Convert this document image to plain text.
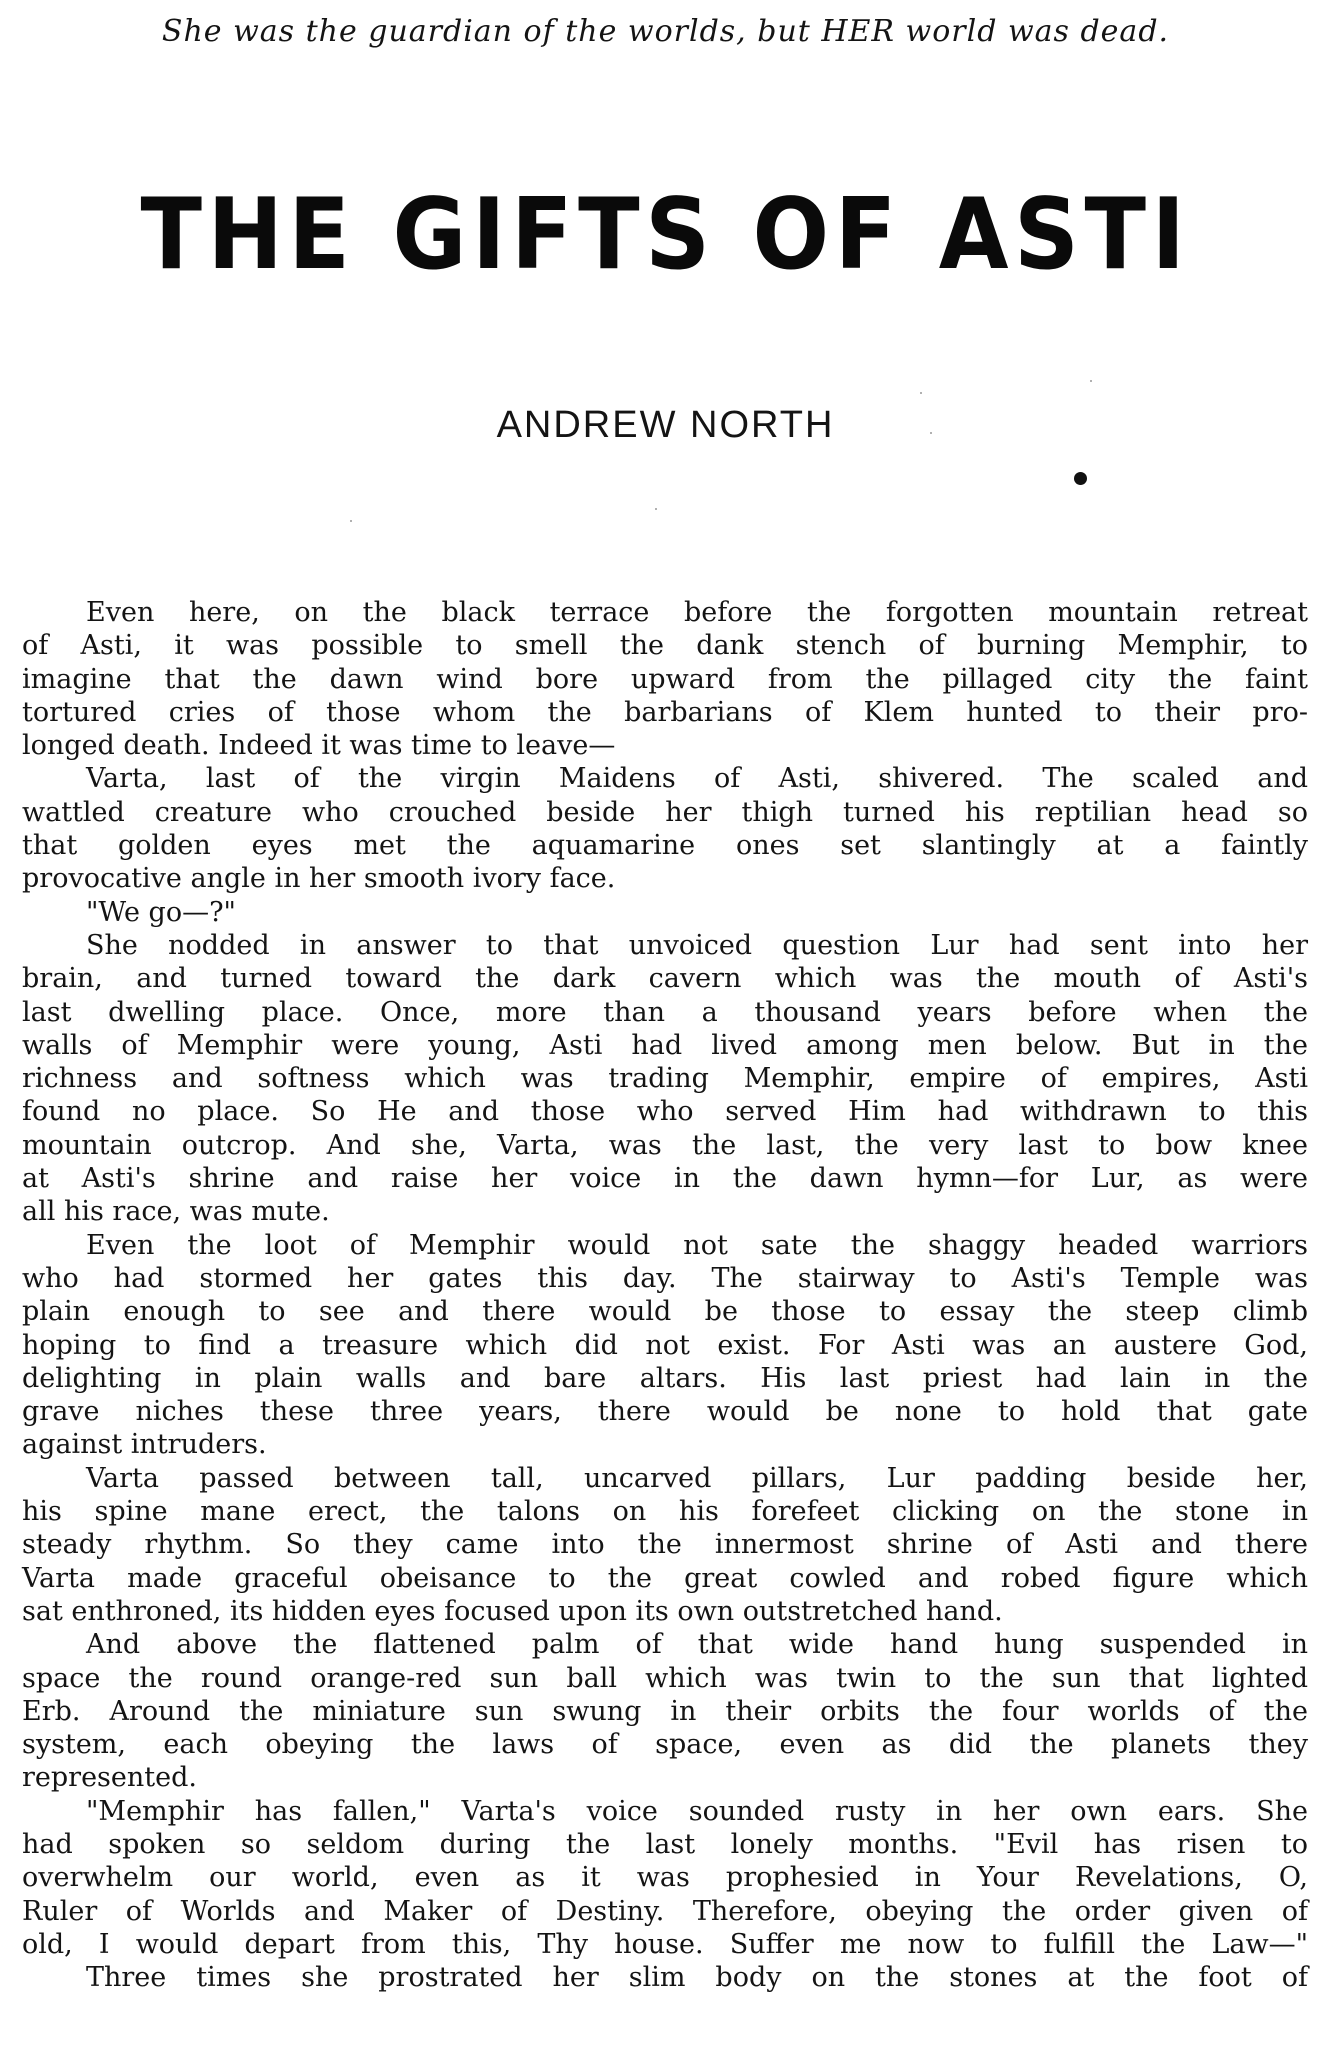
She was the guardian of the worlds, but HER world was dead.

THE GIFTS OF ASTI

ANDREW NORTH

Even here, on the black terrace before the forgotten mountain retreat
of Asti, it was possible to smell the dank stench of burning Memphir, to
imagine that the dawn wind bore upward from the pillaged city the faint
tortured cries of those whom the barbarians of Klem hunted to their pro-
longed death. Indeed it was time to leave—
Varta, last of the virgin Maidens of Asti, shivered. The scaled and
wattled creature who crouched beside her thigh turned his reptilian head so
that golden eyes met the aquamarine ones set slantingly at a faintly
provocative angle in her smooth ivory face.
"We go—?"
She nodded in answer to that unvoiced question Lur had sent into her
brain, and turned toward the dark cavern which was the mouth of Asti's
last dwelling place. Once, more than a thousand years before when the
walls of Memphir were young, Asti had lived among men below. But in the
richness and softness which was trading Memphir, empire of empires, Asti
found no place. So He and those who served Him had withdrawn to this
mountain outcrop. And she, Varta, was the last, the very last to bow knee
at Asti's shrine and raise her voice in the dawn hymn—for Lur, as were
all his race, was mute.
Even the loot of Memphir would not sate the shaggy headed warriors
who had stormed her gates this day. The stairway to Asti's Temple was
plain enough to see and there would be those to essay the steep climb
hoping to find a treasure which did not exist. For Asti was an austere God,
delighting in plain walls and bare altars. His last priest had lain in the
grave niches these three years, there would be none to hold that gate
against intruders.
Varta passed between tall, uncarved pillars, Lur padding beside her,
his spine mane erect, the talons on his forefeet clicking on the stone in
steady rhythm. So they came into the innermost shrine of Asti and there
Varta made graceful obeisance to the great cowled and robed figure which
sat enthroned, its hidden eyes focused upon its own outstretched hand.
And above the flattened palm of that wide hand hung suspended in
space the round orange-red sun ball which was twin to the sun that lighted
Erb. Around the miniature sun swung in their orbits the four worlds of the
system, each obeying the laws of space, even as did the planets they
represented.
"Memphir has fallen," Varta's voice sounded rusty in her own ears. She
had spoken so seldom during the last lonely months. "Evil has risen to
overwhelm our world, even as it was prophesied in Your Revelations, O,
Ruler of Worlds and Maker of Destiny. Therefore, obeying the order given of
old, I would depart from this, Thy house. Suffer me now to fulfill the Law—"
Three times she prostrated her slim body on the stones at the foot of
